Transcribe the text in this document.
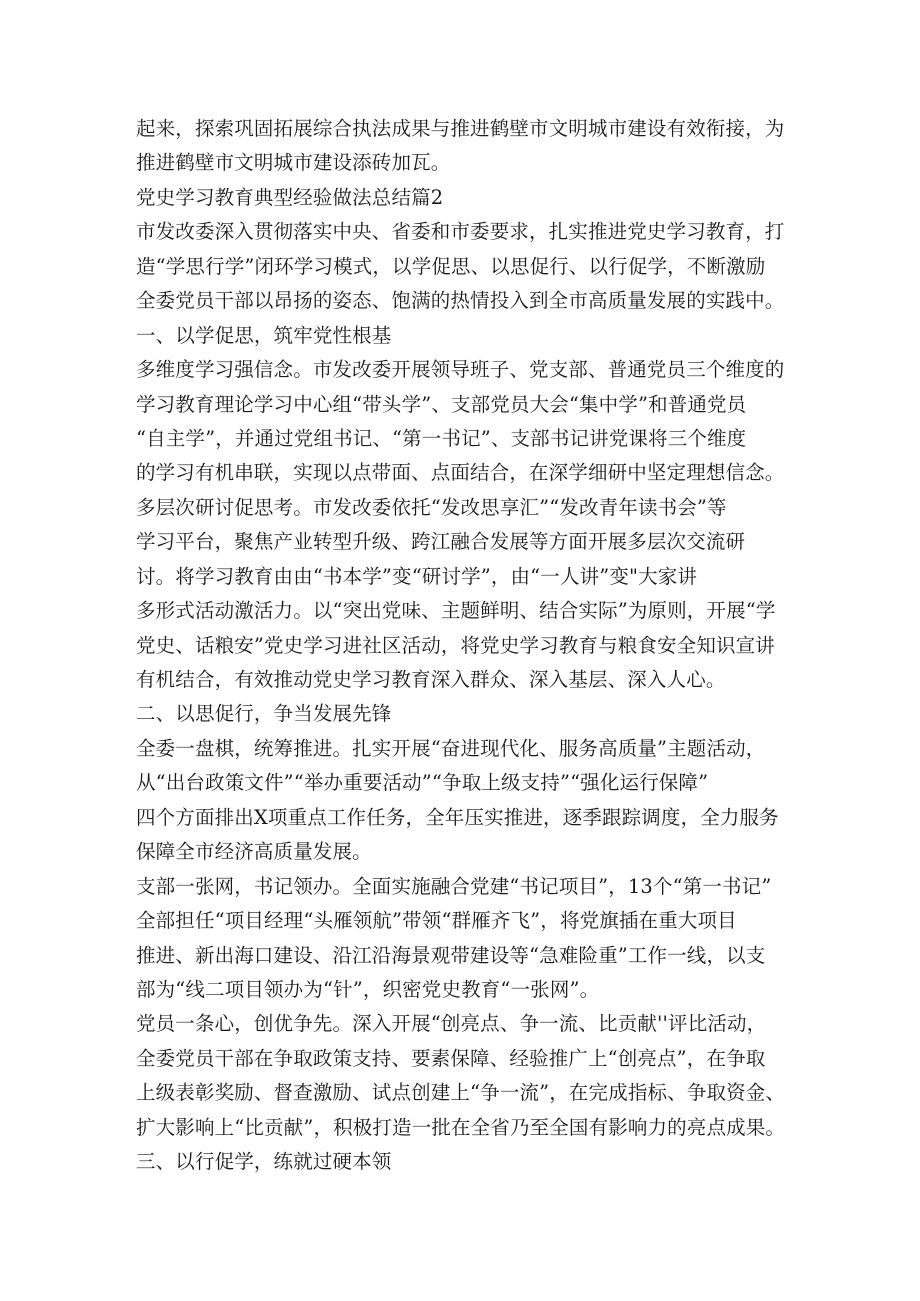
起来，探索巩固拓展综合执法成果与推进鹤壁市文明城市建设有效衔接，为
推进鹤壁市文明城市建设添砖加瓦。
党史学习教育典型经验做法总结篇2
市发改委深入贯彻落实中央、省委和市委要求，扎实推进党史学习教育，打
造“学思行学”闭环学习模式，以学促思、以思促行、以行促学，不断激励
全委党员干部以昂扬的姿态、饱满的热情投入到全市高质量发展的实践中。
一、以学促思，筑牢党性根基
多维度学习强信念。市发改委开展领导班子、党支部、普通党员三个维度的
学习教育理论学习中心组“带头学”、支部党员大会“集中学”和普通党员
“自主学”，并通过党组书记、“第一书记”、支部书记讲党课将三个维度
的学习有机串联，实现以点带面、点面结合，在深学细研中坚定理想信念。
多层次研讨促思考。市发改委依托“发改思享汇”“发改青年读书会”等
学习平台，聚焦产业转型升级、跨江融合发展等方面开展多层次交流研
讨。将学习教育由由“书本学”变“研讨学”，由“一人讲”变"大家讲
多形式活动激活力。以“突出党味、主题鲜明、结合实际”为原则，开展“学
党史、话粮安”党史学习进社区活动，将党史学习教育与粮食安全知识宣讲
有机结合，有效推动党史学习教育深入群众、深入基层、深入人心。
二、以思促行，争当发展先锋
全委一盘棋，统筹推进。扎实开展“奋进现代化、服务高质量”主题活动，
从“出台政策文件”“举办重要活动”“争取上级支持”“强化运行保障”
四个方面排出X项重点工作任务，全年压实推进，逐季跟踪调度，全力服务
保障全市经济高质量发展。
支部一张网，书记领办。全面实施融合党建“书记项目”，13个“第一书记”
全部担任“项目经理“头雁领航”带领“群雁齐飞”，将党旗插在重大项目
推进、新出海口建设、沿江沿海景观带建设等“急难险重”工作一线，以支
部为“线二项目领办为“针”，织密党史教育“一张网”。
党员一条心，创优争先。深入开展“创亮点、争一流、比贡献''评比活动，
全委党员干部在争取政策支持、要素保障、经验推广上“创亮点”，在争取
上级表彰奖励、督查激励、试点创建上“争一流”，在完成指标、争取资金、
扩大影响上“比贡献”，积极打造一批在全省乃至全国有影响力的亮点成果。
三、以行促学，练就过硬本领
